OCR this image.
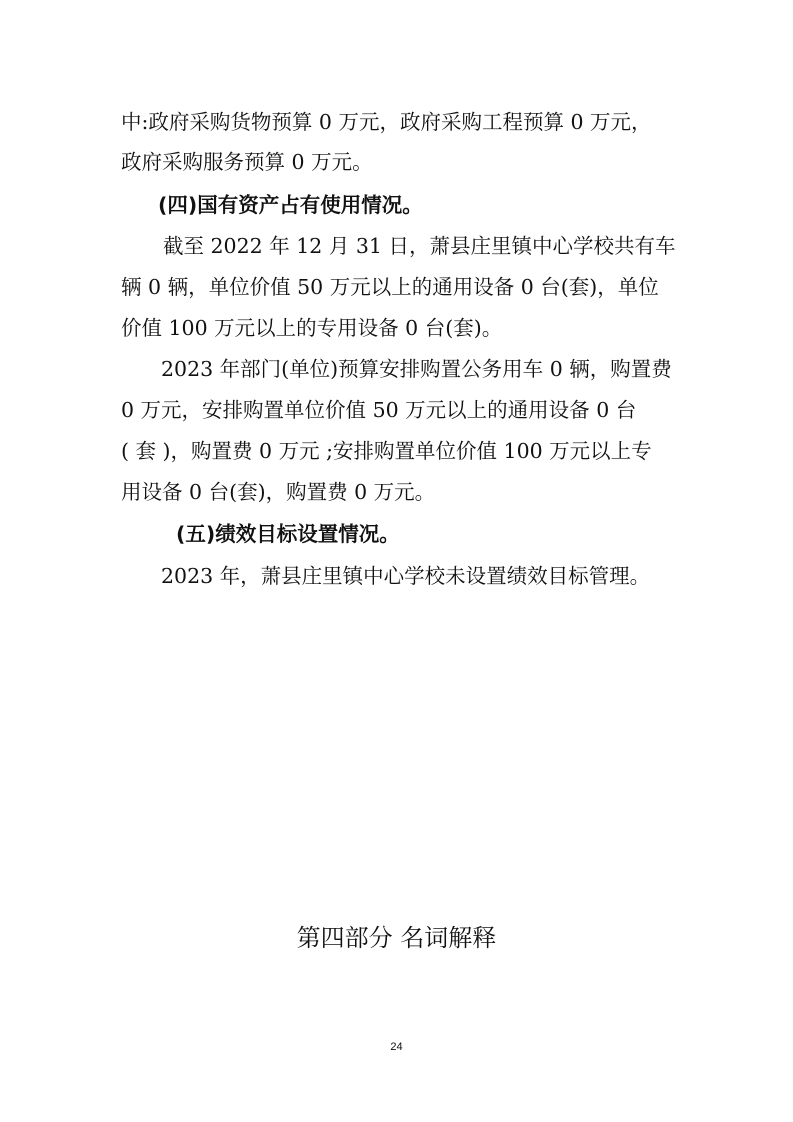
中:政府采购货物预算 0 万元，政府采购工程预算 0 万元，
政府采购服务预算 0 万元。
(四)国有资产占有使用情况。
截至 2022 年 12 月 31 日，萧县庄里镇中心学校共有车
辆 0 辆，单位价值 50 万元以上的通用设备 0 台(套)，单位
价值 100 万元以上的专用设备 0 台(套)。
2023 年部门(单位)预算安排购置公务用车 0 辆，购置费
0 万元，安排购置单位价值 50 万元以上的通用设备 0 台
( 套 )，购置费 0 万元 ;安排购置单位价值 100 万元以上专
用设备 0 台(套)，购置费 0 万元。
(五)绩效目标设置情况。
2023 年，萧县庄里镇中心学校未设置绩效目标管理。
第四部分 名词解释
24
